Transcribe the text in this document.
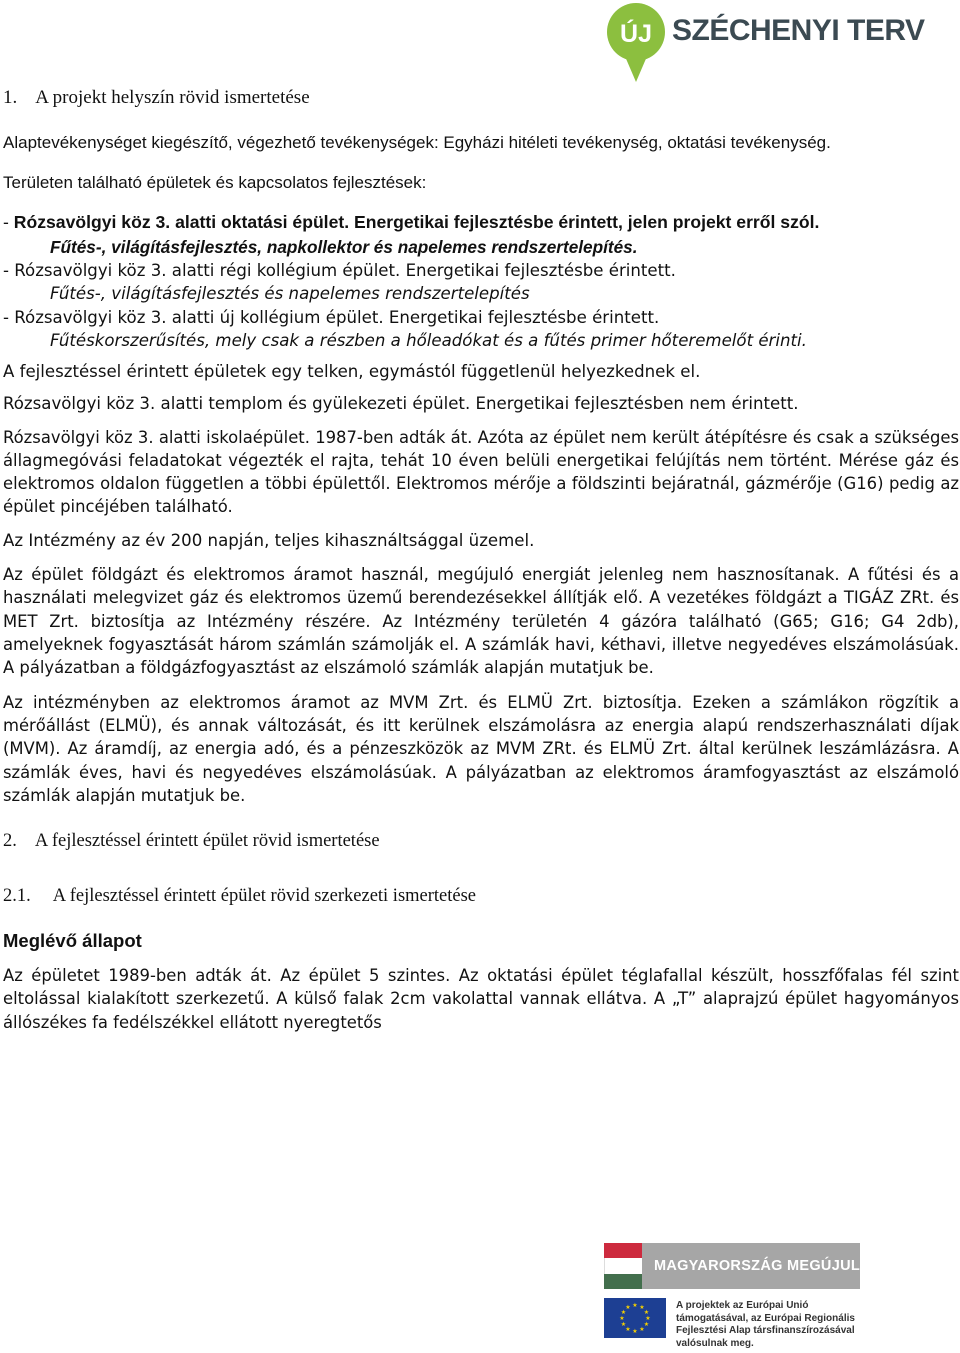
ÚJ SZÉCHENYI TERV
1. A projekt helyszín rövid ismertetése

Alaptevékenységet kiegészítő, végezhető tevékenységek: Egyházi hitéleti tevékenység, oktatási tevékenység.

Területen található épületek és kapcsolatos fejlesztések:

- Rózsavölgyi köz 3. alatti oktatási épület. Energetikai fejlesztésbe érintett, jelen projekt erről szól.
Fűtés-, világításfejlesztés, napkollektor és napelemes rendszertelepítés.
- Rózsavölgyi köz 3. alatti régi kollégium épület. Energetikai fejlesztésbe érintett.
Fűtés-, világításfejlesztés és napelemes rendszertelepítés
- Rózsavölgyi köz 3. alatti új kollégium épület. Energetikai fejlesztésbe érintett.
Fűtéskorszerűsítés, mely csak a részben a hőleadókat és a fűtés primer hőteremelőt érinti.

A fejlesztéssel érintett épületek egy telken, egymástól függetlenül helyezkednek el.

Rózsavölgyi köz 3. alatti templom és gyülekezeti épület. Energetikai fejlesztésben nem érintett.

Rózsavölgyi köz 3. alatti iskolaépület. 1987-ben adták át. Azóta az épület nem került átépítésre és csak a szükséges állagmegóvási feladatokat végezték el rajta, tehát 10 éven belüli energetikai felújítás nem történt. Mérése gáz és elektromos oldalon független a többi épülettől. Elektromos mérője a földszinti bejáratnál, gázmérője (G16) pedig az épület pincéjében található.

Az Intézmény az év 200 napján, teljes kihasználtsággal üzemel.

Az épület földgázt és elektromos áramot használ, megújuló energiát jelenleg nem hasznosítanak. A fűtési és a használati melegvizet gáz és elektromos üzemű berendezésekkel állítják elő. A vezetékes földgázt a TIGÁZ ZRt. és MET Zrt. biztosítja az Intézmény részére. Az Intézmény területén 4 gázóra található (G65; G16; G4 2db), amelyeknek fogyasztását három számlán számolják el. A számlák havi, kéthavi, illetve negyedéves elszámolásúak. A pályázatban a földgázfogyasztást az elszámoló számlák alapján mutatjuk be.

Az intézményben az elektromos áramot az MVM Zrt. és ELMÜ Zrt. biztosítja. Ezeken a számlákon rögzítik a mérőállást (ELMÜ), és annak változását, és itt kerülnek elszámolásra az energia alapú rendszerhasználati díjak (MVM). Az áramdíj, az energia adó, és a pénzeszközök az MVM ZRt. és ELMÜ Zrt. által kerülnek leszámlázásra. A számlák éves, havi és negyedéves elszámolásúak. A pályázatban az elektromos áramfogyasztást az elszámoló számlák alapján mutatjuk be.

2. A fejlesztéssel érintett épület rövid ismertetése
2.1. A fejlesztéssel érintett épület rövid szerkezeti ismertetése
Meglévő állapot

Az épületet 1989-ben adták át. Az épület 5 szintes. Az oktatási épület téglafallal készült, hosszfőfalas fél szint eltolással kialakított szerkezetű. A külső falak 2cm vakolattal vannak ellátva. A „T” alaprajzú épület hagyományos állószékes fa fedélszékkel ellátott nyeregtetős

MAGYARORSZÁG MEGÚJUL
★ ★
★
★
★
★
★
★
★
★
★
★	A projektek az Európai Unió támogatásával, az Európai Regionális Fejlesztési Alap társfinanszírozásával valósulnak meg.
